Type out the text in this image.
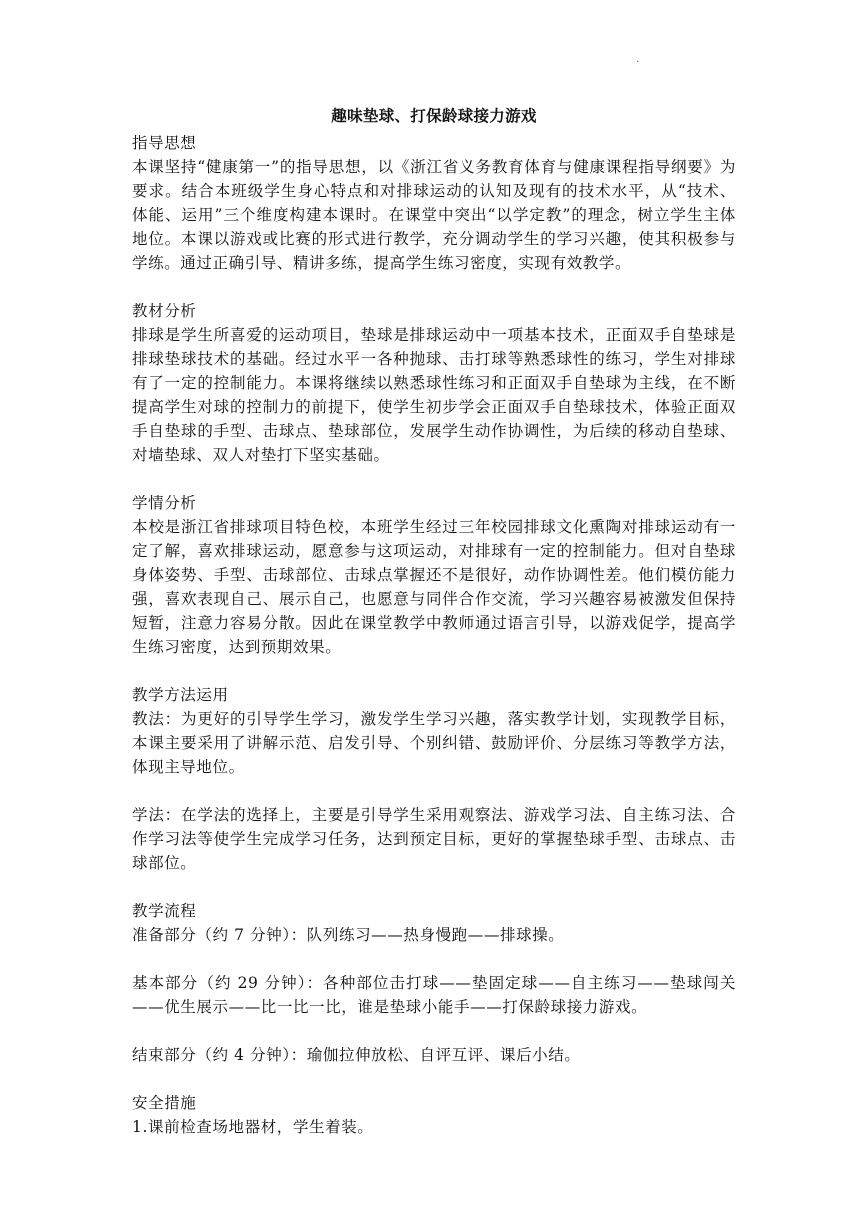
·
趣味垫球、打保龄球接力游戏

指导思想

本课坚持“健康第一”的指导思想，以《浙江省义务教育体育与健康课程指导纲要》为要求。结合本班级学生身心特点和对排球运动的认知及现有的技术水平，从“技术、体能、运用”三个维度构建本课时。在课堂中突出“以学定教”的理念，树立学生主体地位。本课以游戏或比赛的形式进行教学，充分调动学生的学习兴趣，使其积极参与学练。通过正确引导、精讲多练，提高学生练习密度，实现有效教学。

教材分析

排球是学生所喜爱的运动项目，垫球是排球运动中一项基本技术，正面双手自垫球是排球垫球技术的基础。经过水平一各种抛球、击打球等熟悉球性的练习，学生对排球有了一定的控制能力。本课将继续以熟悉球性练习和正面双手自垫球为主线，在不断提高学生对球的控制力的前提下，使学生初步学会正面双手自垫球技术，体验正面双手自垫球的手型、击球点、垫球部位，发展学生动作协调性，为后续的移动自垫球、对墙垫球、双人对垫打下坚实基础。

学情分析

本校是浙江省排球项目特色校，本班学生经过三年校园排球文化熏陶对排球运动有一定了解，喜欢排球运动，愿意参与这项运动，对排球有一定的控制能力。但对自垫球身体姿势、手型、击球部位、击球点掌握还不是很好，动作协调性差。他们模仿能力强，喜欢表现自己、展示自己，也愿意与同伴合作交流，学习兴趣容易被激发但保持短暂，注意力容易分散。因此在课堂教学中教师通过语言引导，以游戏促学，提高学生练习密度，达到预期效果。

教学方法运用

教法：为更好的引导学生学习，激发学生学习兴趣，落实教学计划，实现教学目标，本课主要采用了讲解示范、启发引导、个别纠错、鼓励评价、分层练习等教学方法，体现主导地位。

学法：在学法的选择上，主要是引导学生采用观察法、游戏学习法、自主练习法、合作学习法等使学生完成学习任务，达到预定目标，更好的掌握垫球手型、击球点、击球部位。

教学流程

准备部分（约 7 分钟）：队列练习——热身慢跑——排球操。

基本部分（约 29 分钟）：各种部位击打球——垫固定球——自主练习——垫球闯关 ——优生展示——比一比一比，谁是垫球小能手——打保龄球接力游戏。

结束部分（约 4 分钟）：瑜伽拉伸放松、自评互评、课后小结。

安全措施

1.课前检查场地器材，学生着装。
